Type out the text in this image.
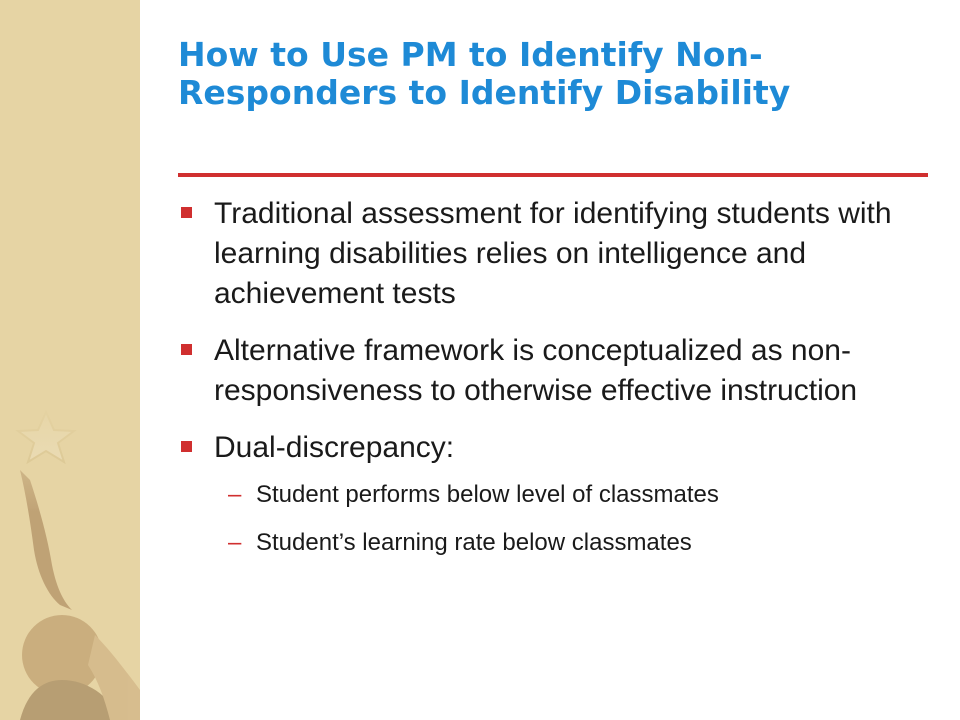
How to Use PM to Identify Non-Responders to Identify Disability
Traditional assessment for identifying students with learning disabilities relies on intelligence and achievement tests
Alternative framework is conceptualized as non-responsiveness to otherwise effective instruction
Dual-discrepancy:
– Student performs below level of classmates
– Student’s learning rate below classmates
